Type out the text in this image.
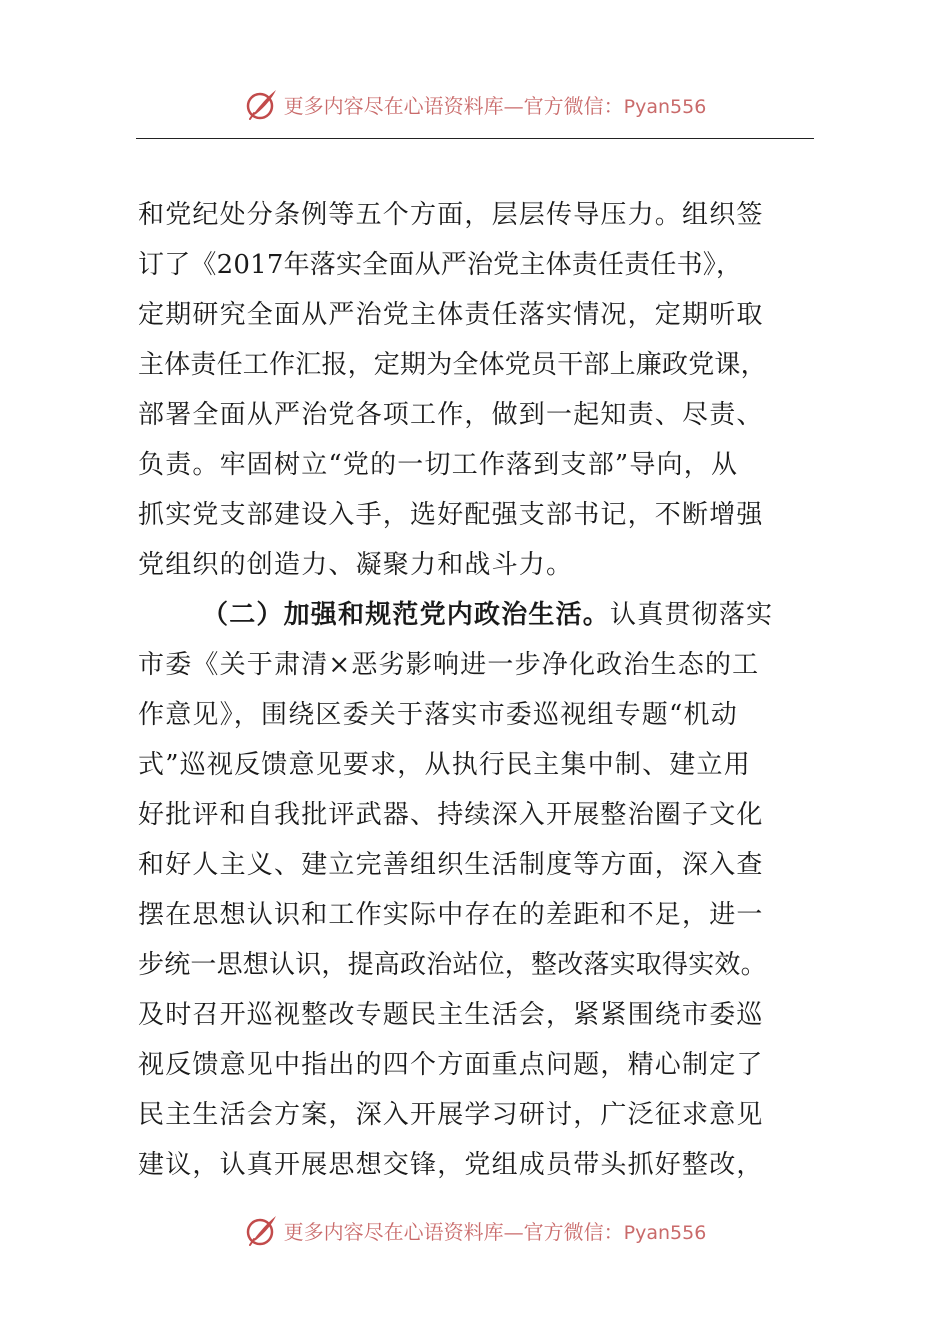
更多内容尽在心语资料库—官方微信：Pyan556
和党纪处分条例等五个方面，层层传导压力。组织签
订了《2017年落实全面从严治党主体责任责任书》，
定期研究全面从严治党主体责任落实情况，定期听取
主体责任工作汇报，定期为全体党员干部上廉政党课，
部署全面从严治党各项工作，做到一起知责、尽责、
负责。牢固树立“党的一切工作落到支部”导向，从
抓实党支部建设入手，选好配强支部书记，不断增强
党组织的创造力、凝聚力和战斗力。
（二）加强和规范党内政治生活。认真贯彻落实
市委《关于肃清×恶劣影响进一步净化政治生态的工
作意见》，围绕区委关于落实市委巡视组专题“机动
式”巡视反馈意见要求，从执行民主集中制、建立用
好批评和自我批评武器、持续深入开展整治圈子文化
和好人主义、建立完善组织生活制度等方面，深入查
摆在思想认识和工作实际中存在的差距和不足，进一
步统一思想认识，提高政治站位，整改落实取得实效。
及时召开巡视整改专题民主生活会，紧紧围绕市委巡
视反馈意见中指出的四个方面重点问题，精心制定了
民主生活会方案，深入开展学习研讨，广泛征求意见
建议，认真开展思想交锋，党组成员带头抓好整改，
更多内容尽在心语资料库—官方微信：Pyan556
